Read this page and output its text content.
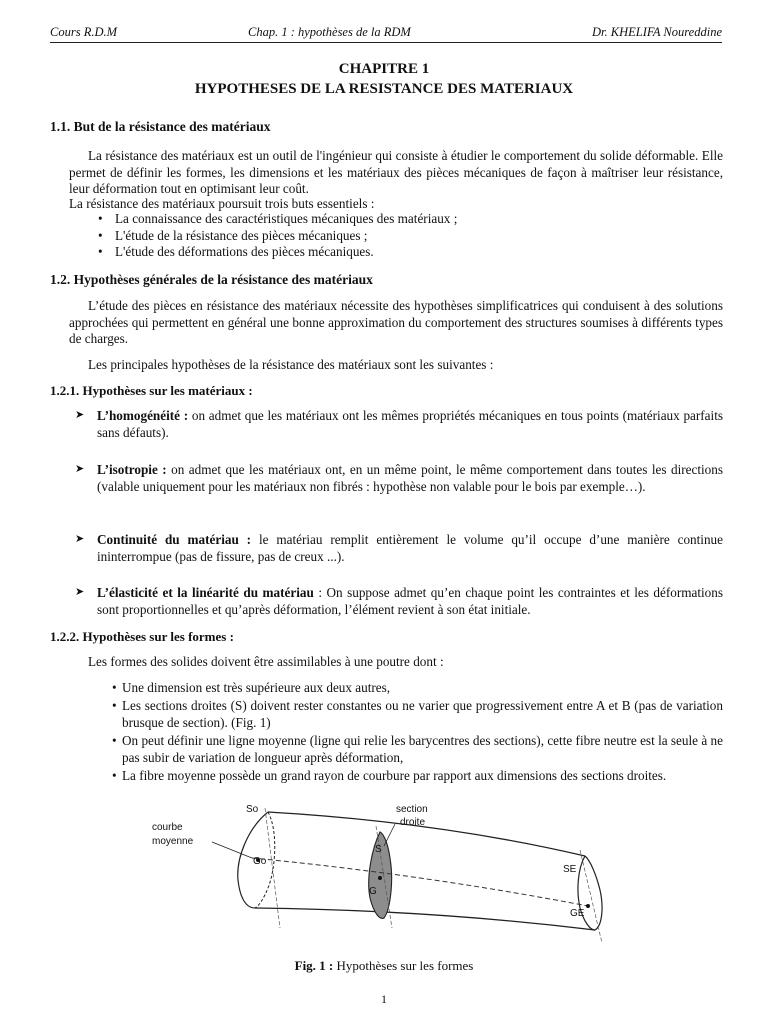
Cours R.D.M	Chap. 1 : hypothèses de la RDM	Dr. KHELIFA Noureddine
CHAPITRE 1
HYPOTHESES DE LA RESISTANCE DES MATERIAUX
1.1. But de la résistance des matériaux
La résistance des matériaux est un outil de l'ingénieur qui consiste à étudier le comportement du solide déformable. Elle permet de définir les formes, les dimensions et les matériaux des pièces mécaniques de façon à maîtriser leur résistance, leur déformation tout en optimisant leur coût.
La résistance des matériaux poursuit trois buts essentiels :
• La connaissance des caractéristiques mécaniques des matériaux ;
• L'étude de la résistance des pièces mécaniques ;
• L'étude des déformations des pièces mécaniques.
1.2. Hypothèses générales de la résistance des matériaux
L’étude des pièces en résistance des matériaux nécessite des hypothèses simplificatrices qui conduisent à des solutions approchées qui permettent en général une bonne approximation du comportement des structures soumises à différents types de charges.
Les principales hypothèses de la résistance des matériaux sont les suivantes :
1.2.1. Hypothèses sur les matériaux :
➤ L’homogénéité : on admet que les matériaux ont les mêmes propriétés mécaniques en tous points (matériaux parfaits sans défauts).
➤ L’isotropie : on admet que les matériaux ont, en un même point, le même comportement dans toutes les directions (valable uniquement pour les matériaux non fibrés : hypothèse non valable pour le bois par exemple…).
➤ Continuité du matériau : le matériau remplit entièrement le volume qu’il occupe d’une manière continue ininterrompue (pas de fissure, pas de creux ...).
➤ L’élasticité et la linéarité du matériau : On suppose admet qu’en chaque point les contraintes et les déformations sont proportionnelles et qu’après déformation, l’élément revient à son état initiale.
1.2.2. Hypothèses sur les formes :
Les formes des solides doivent être assimilables à une poutre dont :
• Une dimension est très supérieure aux deux autres,
• Les sections droites (S) doivent rester constantes ou ne varier que progressivement entre A et B (pas de variation brusque de section). (Fig. 1)
• On peut définir une ligne moyenne (ligne qui relie les barycentres des sections), cette fibre neutre est la seule à ne pas subir de variation de longueur après déformation,
• La fibre moyenne possède un grand rayon de courbure par rapport aux dimensions des sections droites.
So
Go
courbe
moyenne
section
droite
S
G
SE
GE
Fig. 1 : Hypothèses sur les formes
1
